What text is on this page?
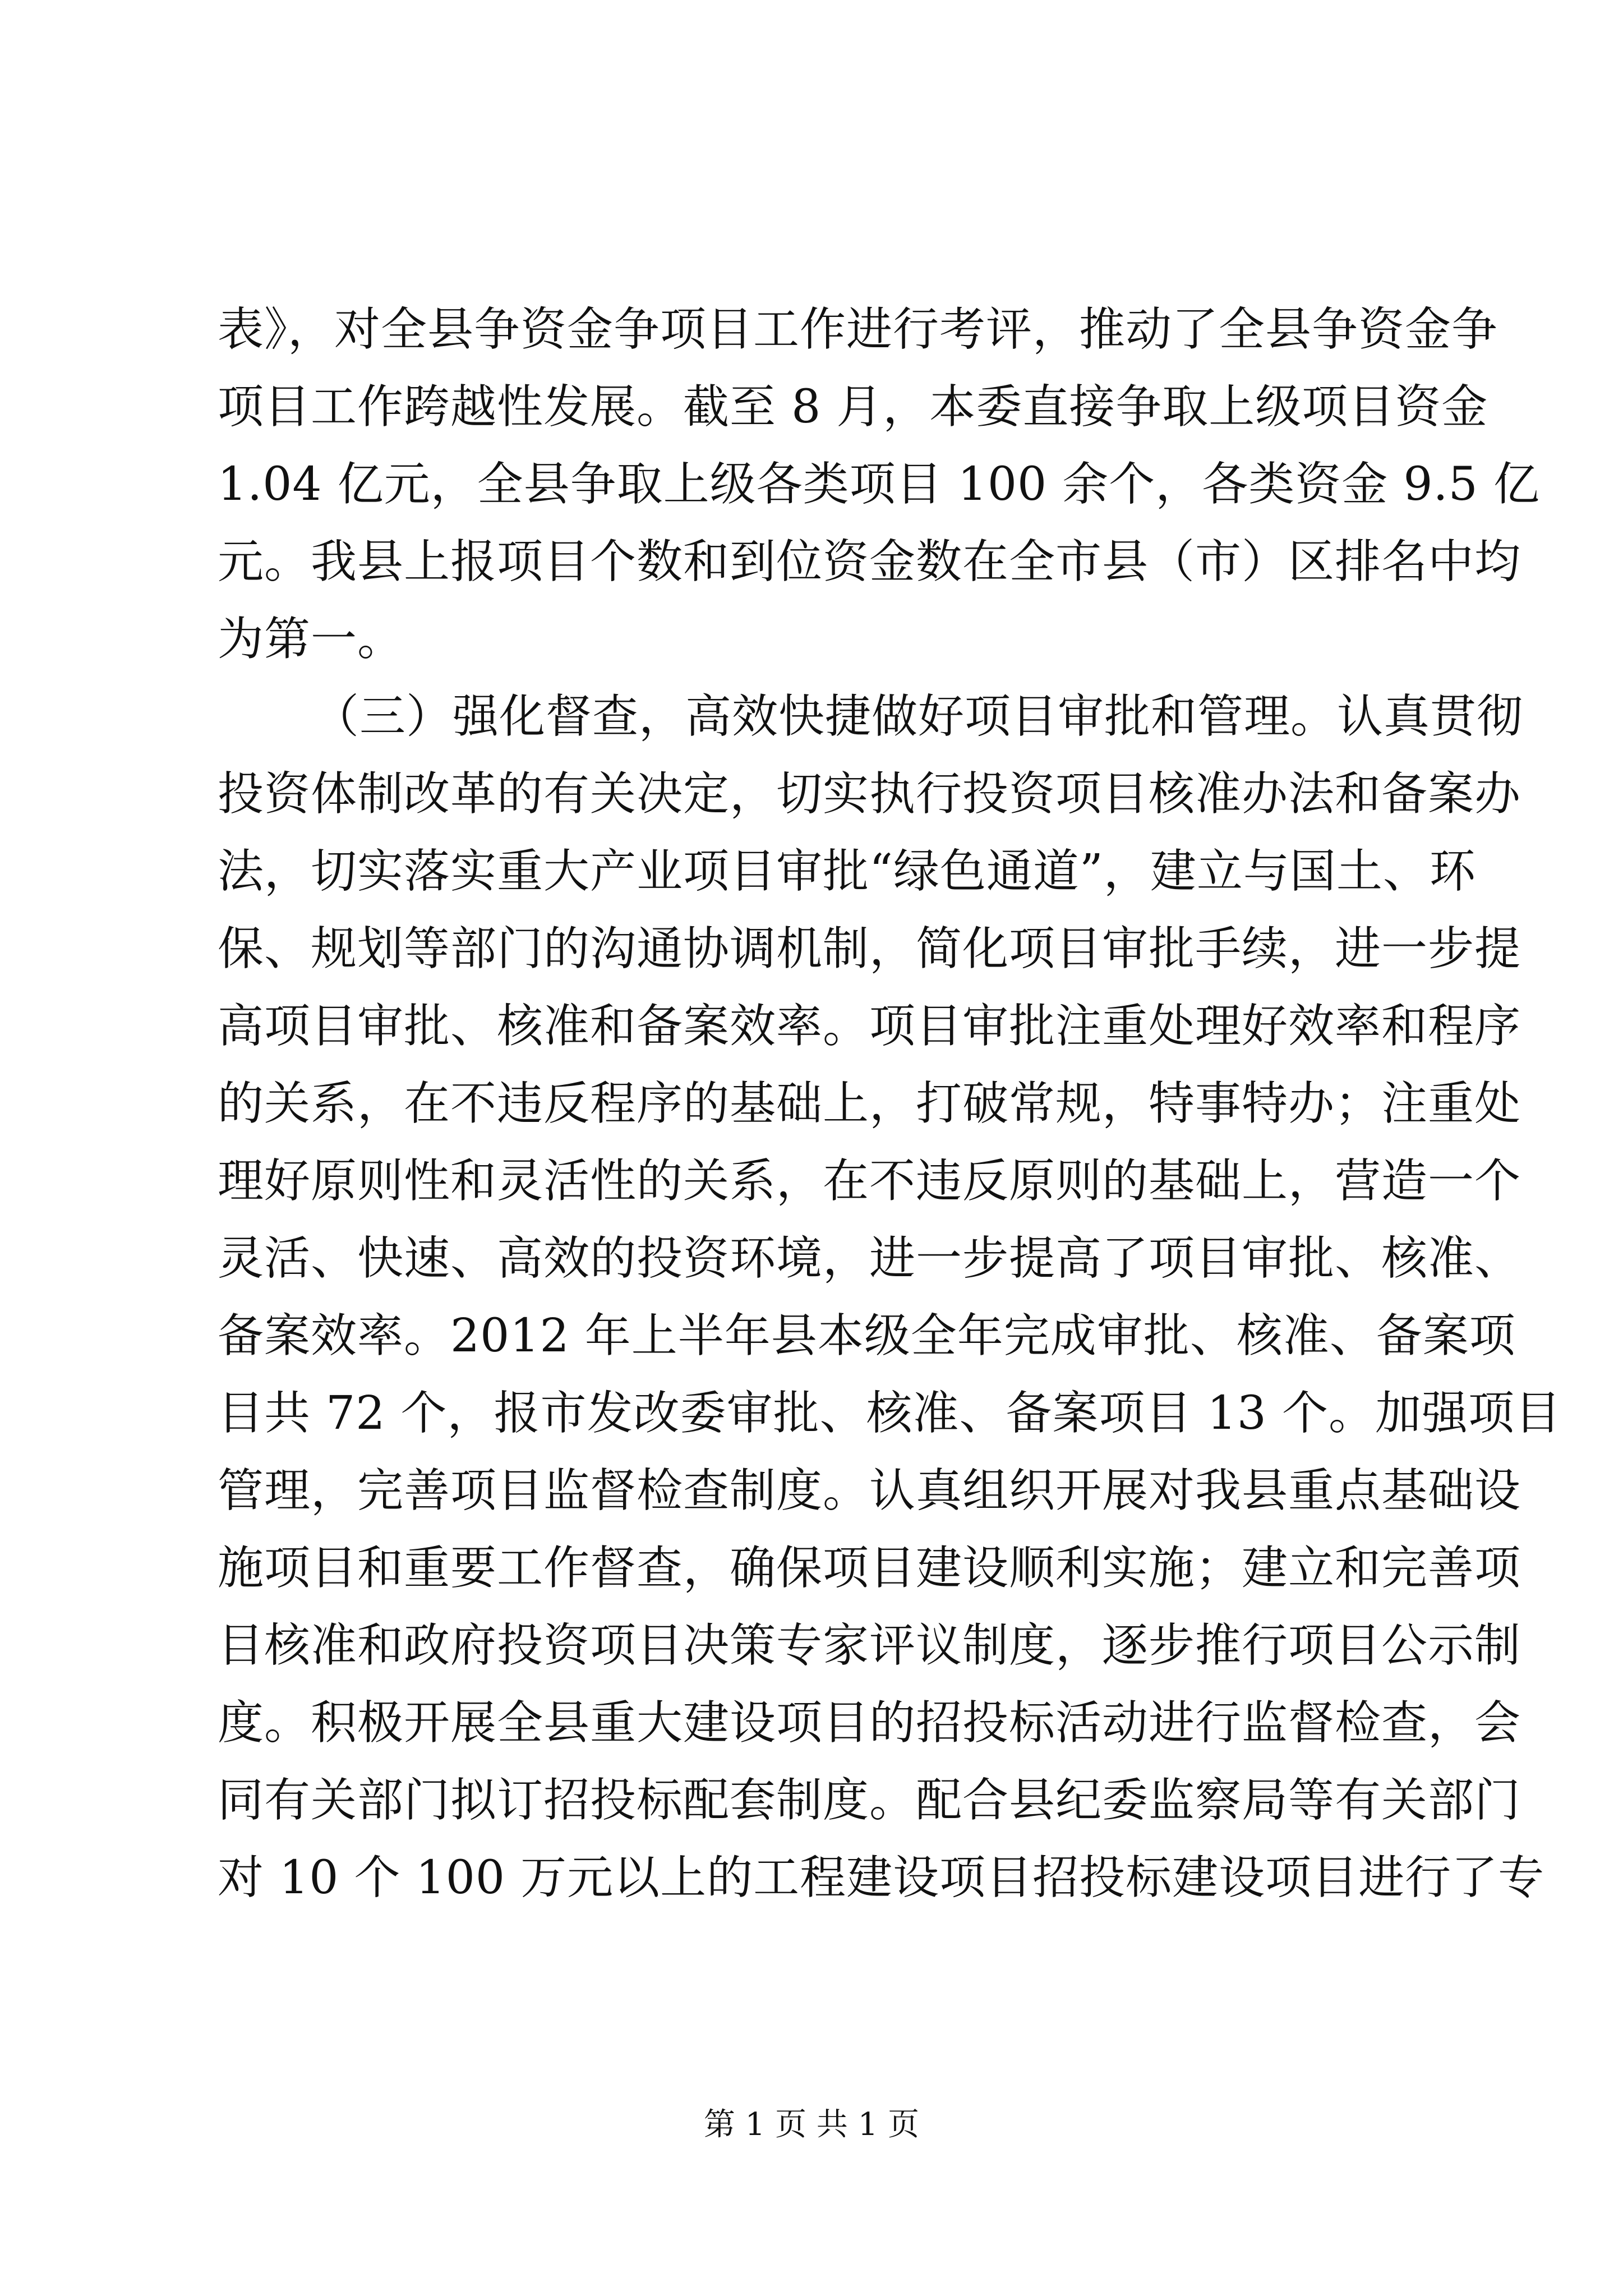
表》，对全县争资金争项目工作进行考评，推动了全县争资金争
项目工作跨越性发展。截至 8 月，本委直接争取上级项目资金
1.04 亿元，全县争取上级各类项目 100 余个，各类资金 9.5 亿
元。我县上报项目个数和到位资金数在全市县（市）区排名中均
为第一。
（三）强化督查，高效快捷做好项目审批和管理。认真贯彻
投资体制改革的有关决定，切实执行投资项目核准办法和备案办
法，切实落实重大产业项目审批“绿色通道”，建立与国土、环
保、规划等部门的沟通协调机制，简化项目审批手续，进一步提
高项目审批、核准和备案效率。项目审批注重处理好效率和程序
的关系，在不违反程序的基础上，打破常规，特事特办；注重处
理好原则性和灵活性的关系，在不违反原则的基础上，营造一个
灵活、快速、高效的投资环境，进一步提高了项目审批、核准、
备案效率。2012 年上半年县本级全年完成审批、核准、备案项
目共 72 个，报市发改委审批、核准、备案项目 13 个。加强项目
管理，完善项目监督检查制度。认真组织开展对我县重点基础设
施项目和重要工作督查，确保项目建设顺利实施；建立和完善项
目核准和政府投资项目决策专家评议制度，逐步推行项目公示制
度。积极开展全县重大建设项目的招投标活动进行监督检查，会
同有关部门拟订招投标配套制度。配合县纪委监察局等有关部门
对 10 个 100 万元以上的工程建设项目招投标建设项目进行了专
第 1 页 共 1 页
